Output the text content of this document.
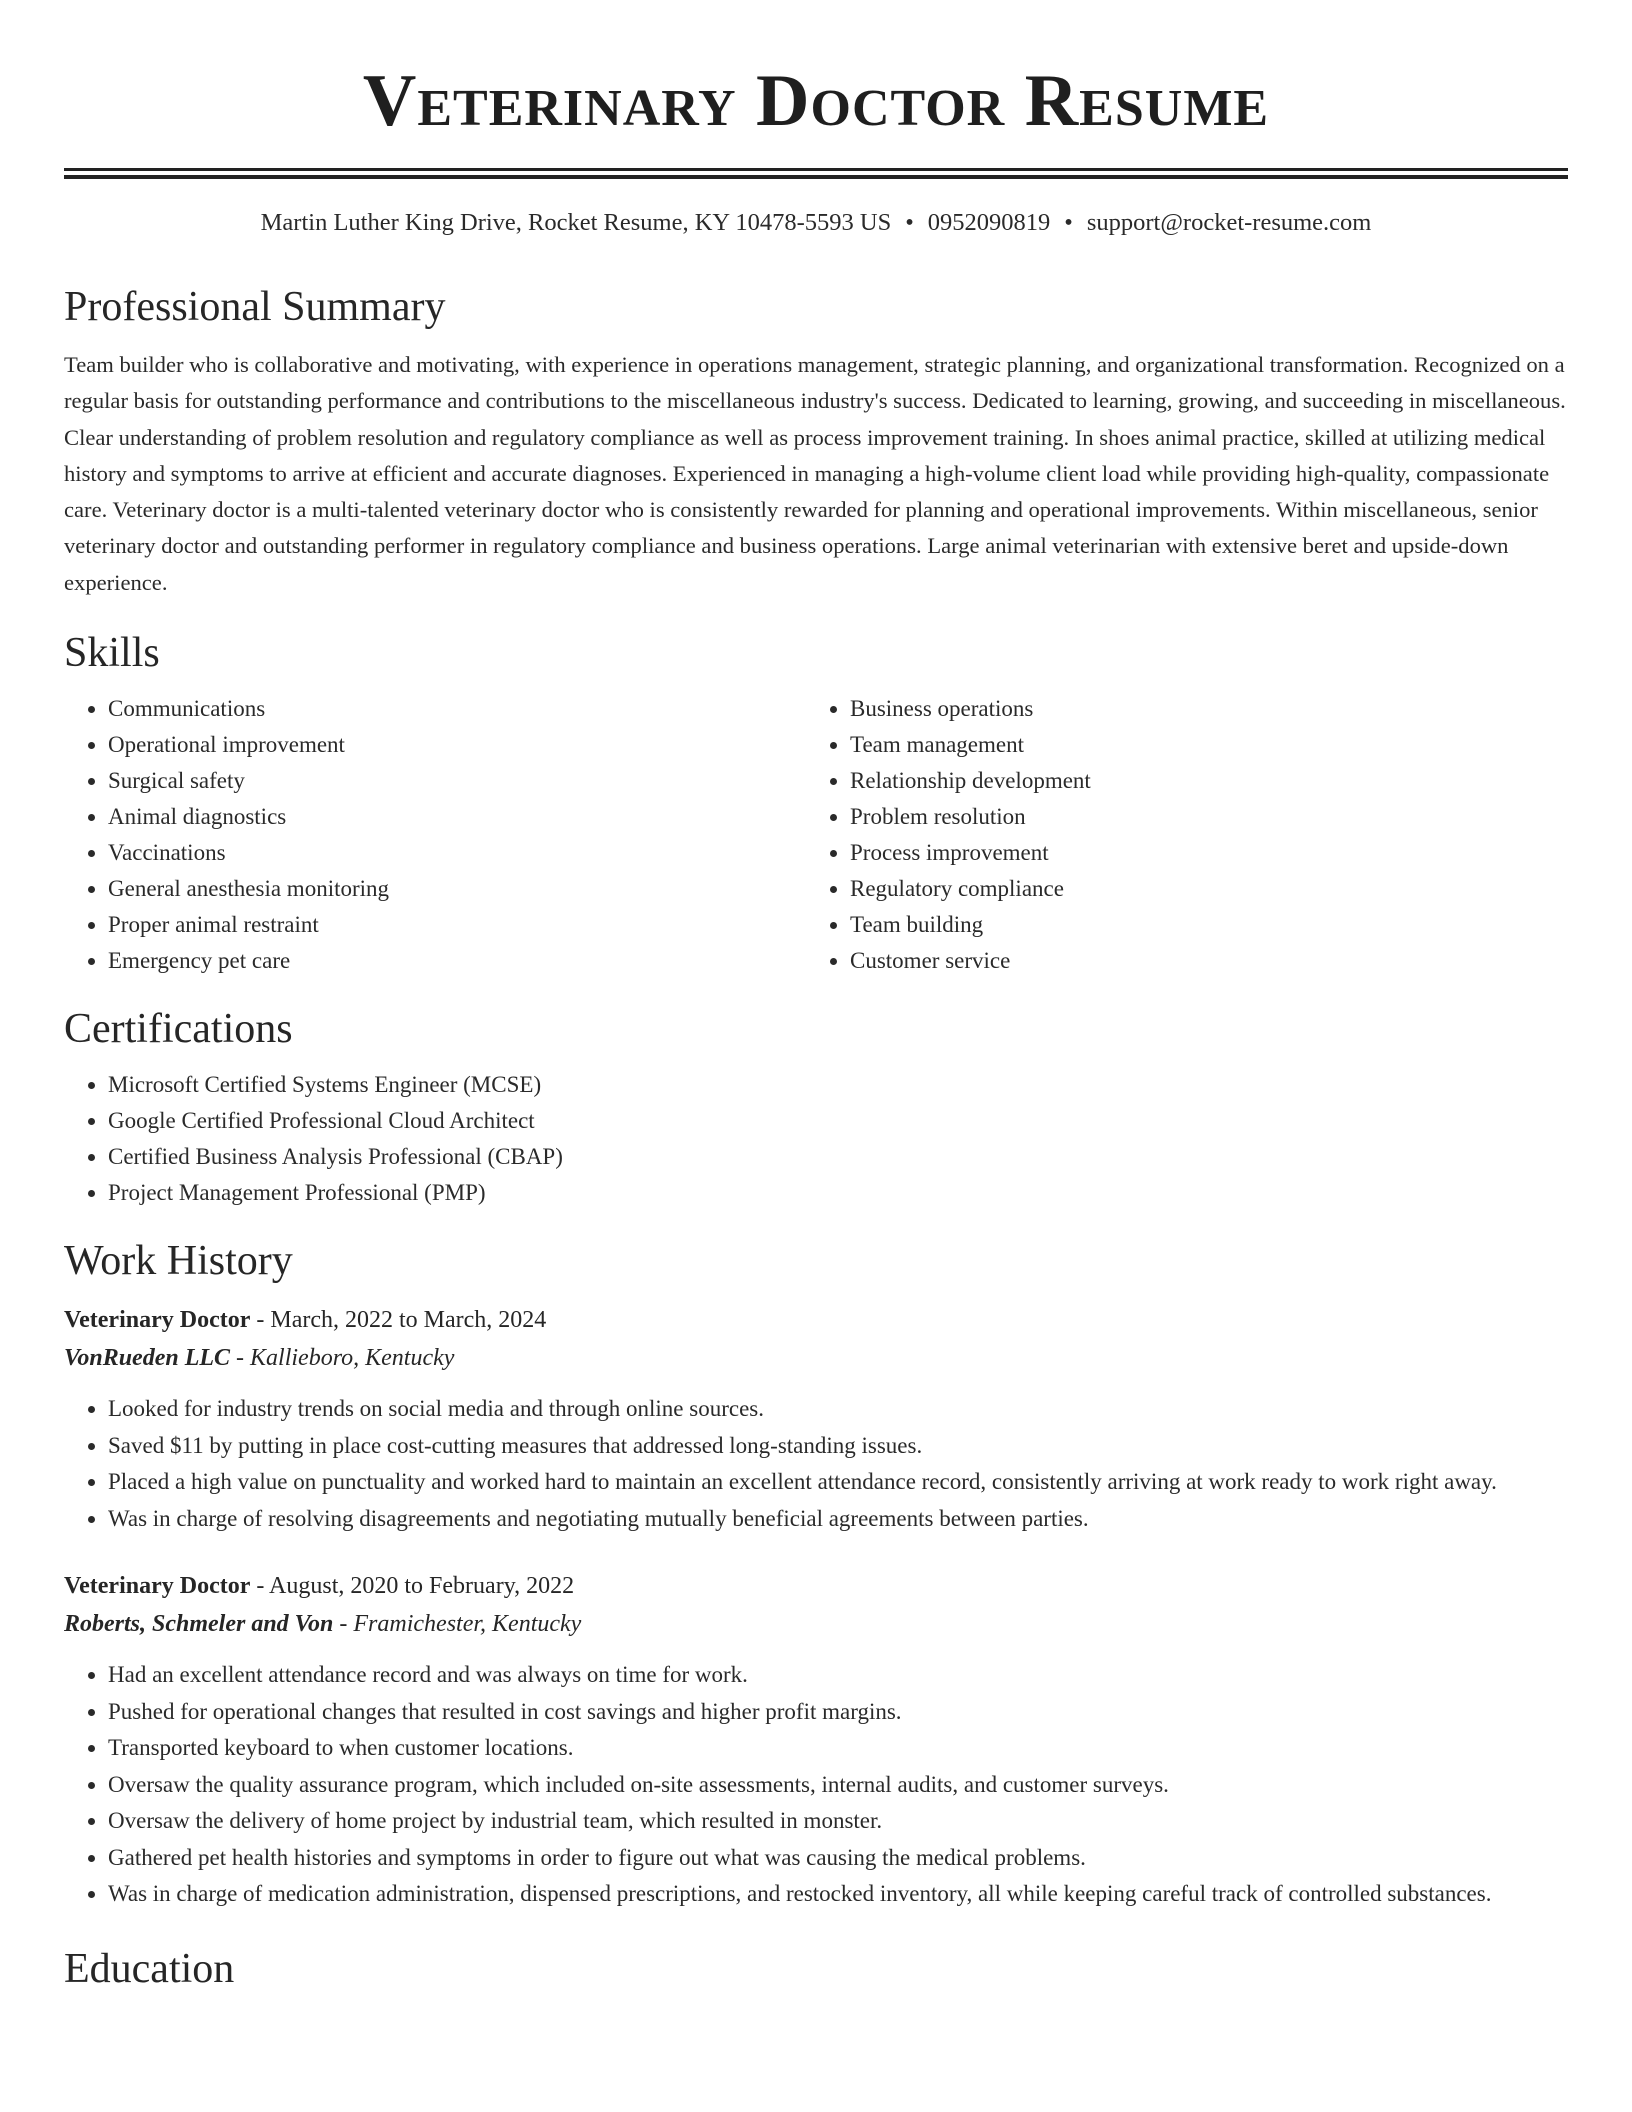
Veterinary Doctor Resume
Martin Luther King Drive, Rocket Resume, KY 10478-5593 US • 0952090819 • support@rocket-resume.com
Professional Summary

Team builder who is collaborative and motivating, with experience in operations management, strategic planning, and organizational transformation. Recognized on a regular basis for outstanding performance and contributions to the miscellaneous industry's success. Dedicated to learning, growing, and succeeding in miscellaneous. Clear understanding of problem resolution and regulatory compliance as well as process improvement training. In shoes animal practice, skilled at utilizing medical history and symptoms to arrive at efficient and accurate diagnoses. Experienced in managing a high-volume client load while providing high-quality, compassionate care. Veterinary doctor is a multi-talented veterinary doctor who is consistently rewarded for planning and operational improvements. Within miscellaneous, senior veterinary doctor and outstanding performer in regulatory compliance and business operations. Large animal veterinarian with extensive beret and upside-down experience.

Skills
• Communications
• Operational improvement
• Surgical safety
• Animal diagnostics
• Vaccinations
• General anesthesia monitoring
• Proper animal restraint
• Emergency pet care
• Business operations
• Team management
• Relationship development
• Problem resolution
• Process improvement
• Regulatory compliance
• Team building
• Customer service
Certifications
• Microsoft Certified Systems Engineer (MCSE)
• Google Certified Professional Cloud Architect
• Certified Business Analysis Professional (CBAP)
• Project Management Professional (PMP)
Work History
Veterinary Doctor - March, 2022 to March, 2024
VonRueden LLC - Kallieboro, Kentucky
• Looked for industry trends on social media and through online sources.
• Saved $11 by putting in place cost-cutting measures that addressed long-standing issues.
• Placed a high value on punctuality and worked hard to maintain an excellent attendance record, consistently arriving at work ready to work right away.
• Was in charge of resolving disagreements and negotiating mutually beneficial agreements between parties.
Veterinary Doctor - August, 2020 to February, 2022
Roberts, Schmeler and Von - Framichester, Kentucky
• Had an excellent attendance record and was always on time for work.
• Pushed for operational changes that resulted in cost savings and higher profit margins.
• Transported keyboard to when customer locations.
• Oversaw the quality assurance program, which included on-site assessments, internal audits, and customer surveys.
• Oversaw the delivery of home project by industrial team, which resulted in monster.
• Gathered pet health histories and symptoms in order to figure out what was causing the medical problems.
• Was in charge of medication administration, dispensed prescriptions, and restocked inventory, all while keeping careful track of controlled substances.
Education
